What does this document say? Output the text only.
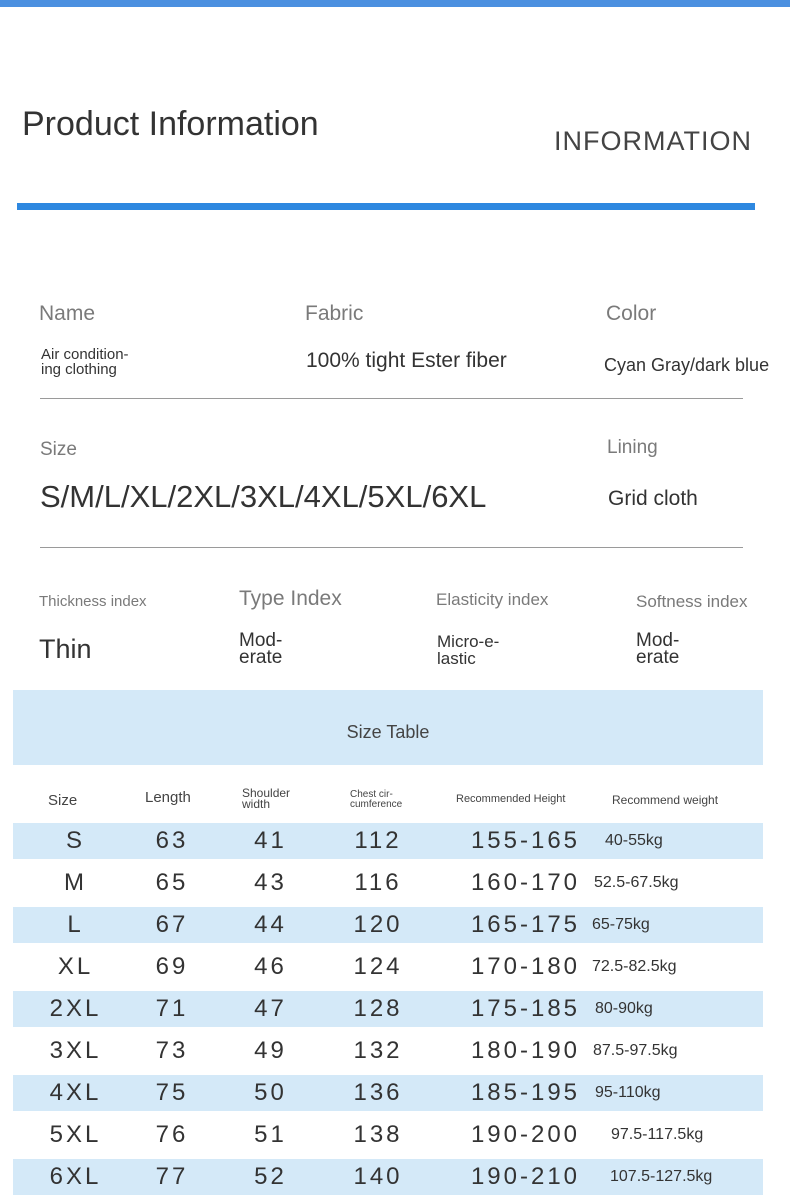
Product Information	INFORMATION
Name
Air condition-
ing clothing
Fabric
100% tight Ester fiber
Color
Cyan Gray/dark blue
Size
S/M/L/XL/2XL/3XL/4XL/5XL/6XL
Lining
Grid cloth
Thickness index
Thin
Type Index
Mod-
erate
Elasticity index
Micro-e-
lastic
Softness index
Mod-
erate
Size Table
Size	Length	Shoulder
width
Chest cir-
cumference	Recommended Height	Recommend weight
S	63	41	112	155-165	40-55kg
M	65	43	116	160-170 52.5-67.5kg
L	67	44	120	165-175 65-75kg
XL	69	46	124	170-180 72.5-82.5kg
2XL	71	47	128	175-185 80-90kg
3XL	73	49	132	180-190 87.5-97.5kg
4XL	75	50	136	185-195 95-110kg
5XL	76	51	138	190-200	97.5-117.5kg
6XL	77	52	140	190-210	107.5-127.5kg
